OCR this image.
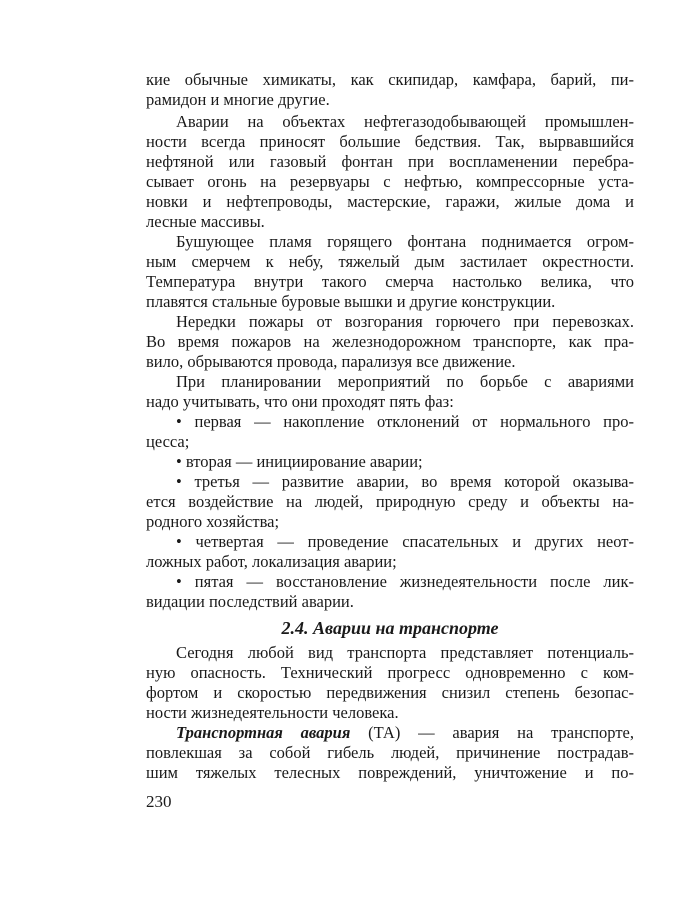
кие обычные химикаты, как скипидар, камфара, барий, пи-
рамидон и многие другие.
Аварии на объектах нефтегазодобывающей промышлен-
ности всегда приносят большие бедствия. Так, вырвавшийся
нефтяной или газовый фонтан при воспламенении перебра-
сывает огонь на резервуары с нефтью, компрессорные уста-
новки и нефтепроводы, мастерские, гаражи, жилые дома и
лесные массивы.
Бушующее пламя горящего фонтана поднимается огром-
ным смерчем к небу, тяжелый дым застилает окрестности.
Температура внутри такого смерча настолько велика, что
плавятся стальные буровые вышки и другие конструкции.
Нередки пожары от возгорания горючего при перевозках.
Во время пожаров на железнодорожном транспорте, как пра-
вило, обрываются провода, парализуя все движение.
При планировании мероприятий по борьбе с авариями
надо учитывать, что они проходят пять фаз:
• первая — накопление отклонений от нормального про-
цесса;
• вторая — инициирование аварии;
• третья — развитие аварии, во время которой оказыва-
ется воздействие на людей, природную среду и объекты на-
родного хозяйства;
• четвертая — проведение спасательных и других неот-
ложных работ, локализация аварии;
• пятая — восстановление жизнедеятельности после лик-
видации последствий аварии.
2.4. Аварии на транспорте
Сегодня любой вид транспорта представляет потенциаль-
ную опасность. Технический прогресс одновременно с ком-
фортом и скоростью передвижения снизил степень безопас-
ности жизнедеятельности человека.
Транспортная авария (ТА) — авария на транспорте,
повлекшая за собой гибель людей, причинение пострадав-
шим тяжелых телесных повреждений, уничтожение и по-
230
